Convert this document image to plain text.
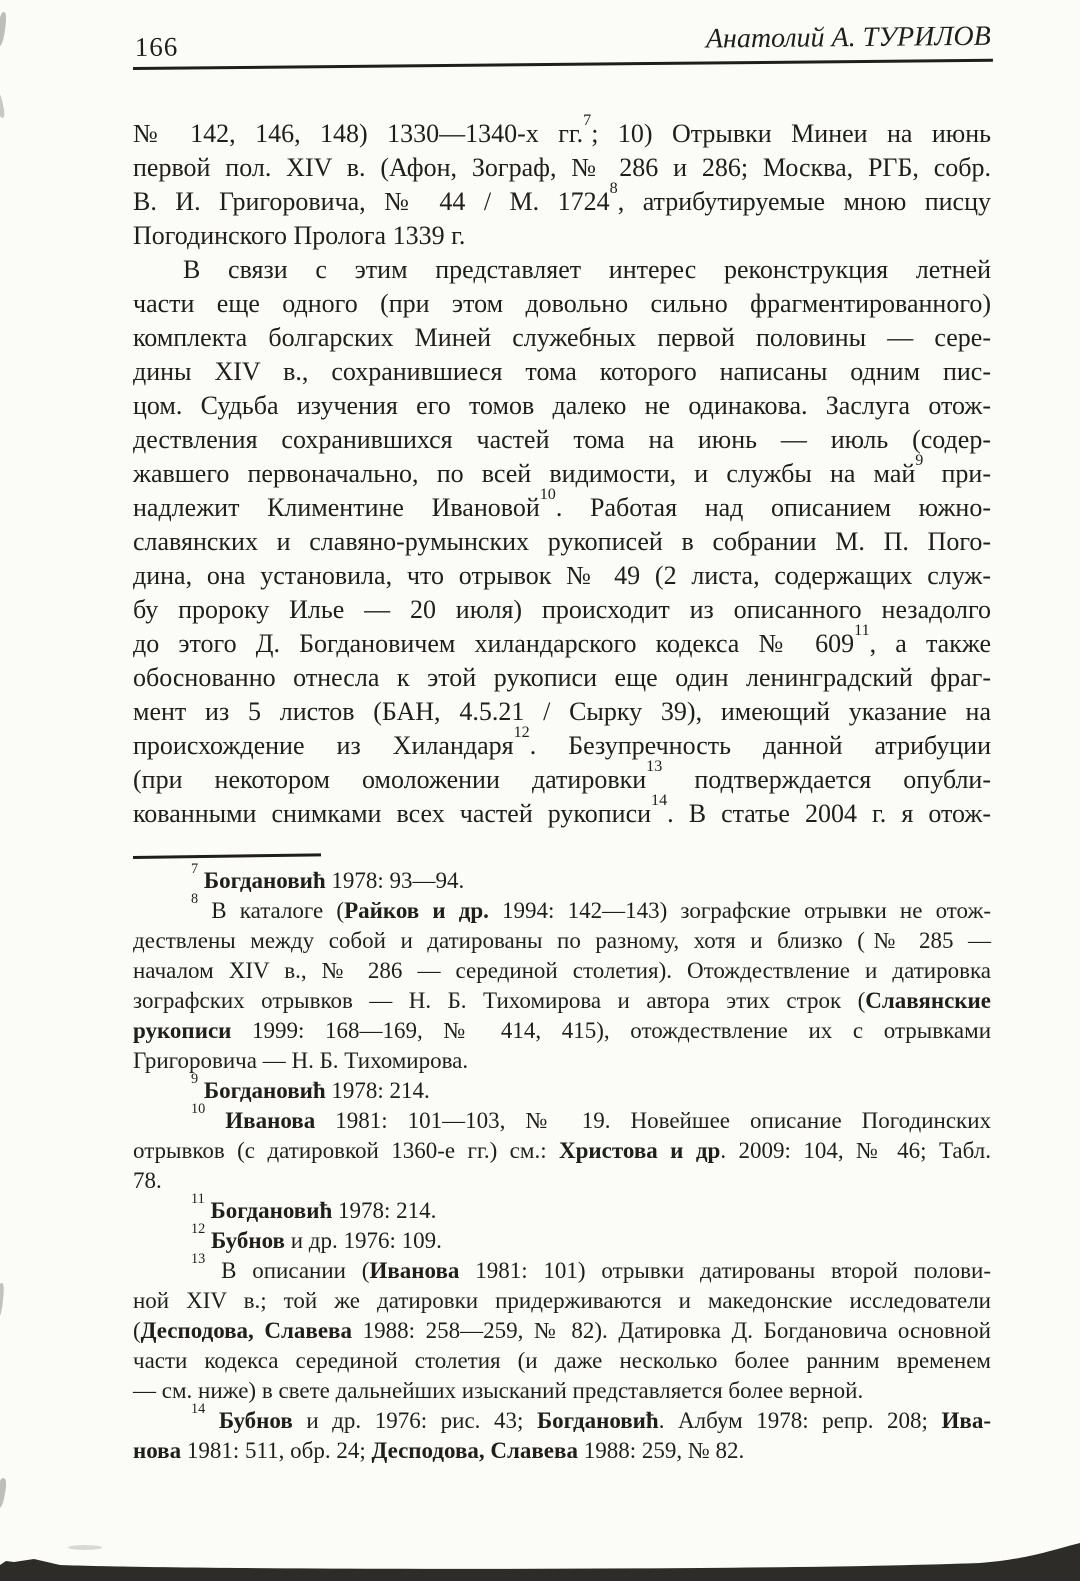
166	Анатолий А. ТУРИЛОВ
№ 142, 146, 148) 1330—1340-х гг.$^7$; 10) Отрывки Минеи на июнь
первой пол. XIV в. (Афон, Зограф, № 286 и 286; Москва, РГБ, собр.
В. И. Григоровича, № 44 / М. 1724$^8$, атрибутируемые мною писцу
Погодинского Пролога 1339 г.
В связи с этим представляет интерес реконструкция летней
части еще одного (при этом довольно сильно фрагментированного)
комплекта болгарских Миней служебных первой половины — сере-
дины XIV в., сохранившиеся тома которого написаны одним пис-
цом. Судьба изучения его томов далеко не одинакова. Заслуга отож-
дествления сохранившихся частей тома на июнь — июль (содер-
жавшего первоначально, по всей видимости, и службы на май$^9$ при-
надлежит Климентине Ивановой$^{10}$. Работая над описанием южно-
славянских и славяно-румынских рукописей в собрании М. П. Пого-
дина, она установила, что отрывок № 49 (2 листа, содержащих служ-
бу пророку Илье — 20 июля) происходит из описанного незадолго
до этого Д. Богдановичем хиландарского кодекса № $609^{11}$, а также
обоснованно отнесла к этой рукописи еще один ленинградский фраг-
мент из 5 листов (БАН, 4.5.21 / Сырку 39), имеющий указание на
происхождение из Хиландаря$^{12}$. Безупречность данной атрибуции
(при некотором омоложении датировки$^{13}$ подтверждается опубли-
кованными снимками всех частей рукописи$^{14}$. В статье 2004 г. я отож-
$^7$ Богдановић 1978: 93—94.
$^8$ В каталоге (Райков и др. 1994: 142—143) зографские отрывки не отож-
дествлены между собой и датированы по разному, хотя и близко (№ 285 —
началом XIV в., № 286 — серединой столетия). Отождествление и датировка
зографских отрывков — Н. Б. Тихомирова и автора этих строк (Славянские
рукописи 1999: 168—169, № 414, 415), отождествление их с отрывками
Григоровича — Н. Б. Тихомирова.
$^9$ Богдановић 1978: 214.
$^{10}$ Иванова 1981: 101—103, № 19. Новейшее описание Погодинских
отрывков (с датировкой 1360-е гг.) см.: Христова и др. 2009: 104, № 46; Табл.
78.
$^{11}$ Богдановић 1978: 214.
$^{12}$ Бубнов и др. 1976: 109.
$^{13}$ В описании (Иванова 1981: 101) отрывки датированы второй полови-
ной XIV в.; той же датировки придерживаются и македонские исследователи
(Десподова, Славева 1988: 258—259, № 82). Датировка Д. Богдановича основной
части кодекса серединой столетия (и даже несколько более ранним временем
— см. ниже) в свете дальнейших изысканий представляется более верной.
$^{14}$ Бубнов и др. 1976: рис. 43; Богдановић. Албум 1978: репр. 208; Ива-
нова 1981: 511, обр. 24; Десподова, Славева 1988: 259, № 82.
